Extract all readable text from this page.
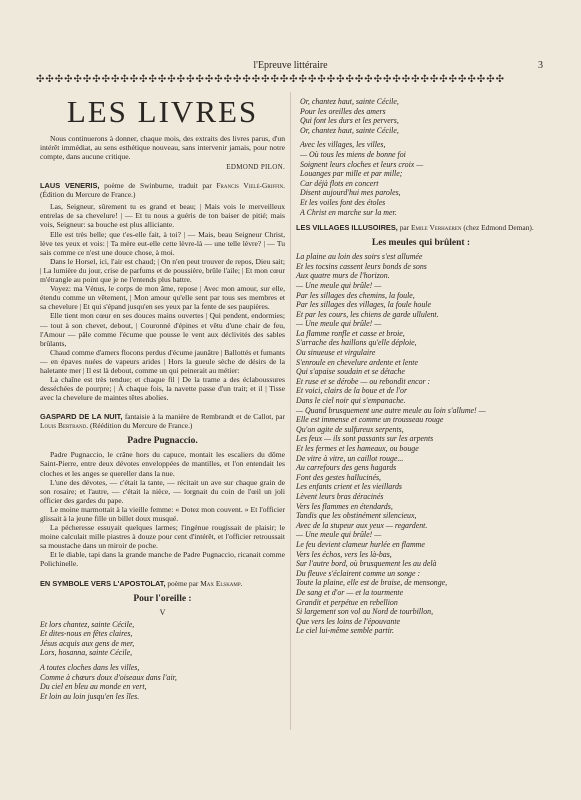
l'Epreuve littéraire	3
✣✣✣✣✣✣✣✣✣✣✣✣✣✣✣✣✣✣✣✣✣✣✣✣✣✣✣✣✣✣✣✣✣✣✣✣✣✣✣✣✣✣✣✣✣✣✣✣✣✣
LES LIVRES

Nous continuerons à donner, chaque mois, des extraits des livres parus, d'un intérêt immédiat, au sens esthétique nouveau, sans intervenir jamais, pour notre compte, dans aucune critique.

EDMOND PILON.

LAUS VENERIS, poème de Swinburne, traduit par Francis Vielé-Griffin. (Édition du Mercure de France.)

Las, Seigneur, sûrement tu es grand et beau; | Mais vois le merveilleux entrelas de sa chevelure! | — Et tu nous a guéris de ton baiser de pitié; mais vois, Seigneur: sa bouche est plus alliciante.

Elle est très belle; que t'es-elle fait, à toi? | — Mais, beau Seigneur Christ, lève tes yeux et vois: | Ta mère eut-elle cette lèvre-là — une telle lèvre? | — Tu sais comme ce n'est une douce chose, à moi.

Dans le Horsel, ici, l'air est chaud; | On n'en peut trouver de repos, Dieu sait; | La lumière du jour, crise de parfums et de poussière, brûle l'aile; | Et mon cœur m'étrangle au point que je ne l'entends plus battre.

Voyez: ma Vénus, le corps de mon âme, repose | Avec mon amour, sur elle, étendu comme un vêtement, | Mon amour qu'elle sent par tous ses membres et sa chevelure | Et qui s'épand jusqu'en ses yeux par la fente de ses paupières.

Elle tient mon cœur en ses douces mains ouvertes | Qui pendent, endormies; — tout à son chevet, debout, | Couronné d'épines et vêtu d'une chair de feu, l'Amour — pâle comme l'écume que pousse le vent aux déclivités des sables brûlants,

Chaud comme d'amers flocons perdus d'écume jaunâtre | Ballottés et fumants — en épaves nuées de vapeurs arides | Hors la gueule sèche de désirs de la haletante mer | Il est là debout, comme un qui peinerait au métier:

La chaîne est très tendue; et chaque fil | De la trame a des éclaboussures desséchées de pourpre; | À chaque fois, la navette passe d'un trait; et il | Tisse avec la chevelure de maintes têtes abolies.

GASPARD DE LA NUIT, fantaisie à la manière de Rembrandt et de Callot, par Louis Bertrand. (Réédition du Mercure de France.)

Padre Pugnaccio.

Padre Pugnaccio, le crâne hors du capuce, montait les escaliers du dôme Saint-Pierre, entre deux dévotes enveloppées de mantilles, et l'on entendait les cloches et les anges se quereller dans la nue.

L'une des dévotes, — c'était la tante, — récitait un ave sur chaque grain de son rosaire; et l'autre, — c'était la nièce, — lorgnait du coin de l'œil un joli officier des gardes du pape.

Le moine marmottait à la vieille femme: « Dotez mon couvent. » Et l'officier glissait à la jeune fille un billet doux musqué.

La pécheresse essuyait quelques larmes; l'ingénue rougissait de plaisir; le moine calculait mille piastres à douze pour cent d'intérêt, et l'officier retroussait sa moustache dans un miroir de poche.

Et le diable, tapi dans la grande manche de Padre Pugnaccio, ricanait comme Polichinelle.

EN SYMBOLE VERS L'APOSTOLAT, poème par Max Elskamp.

Pour l'oreille :
V
Et lors chantez, sainte Cécile,
Et dites-nous en fêtes claires,
Jésus acquis aux gens de mer,
Lors, hosanna, sainte Cécile,
A toutes cloches dans les villes,
Comme à chœurs doux d'oiseaux dans l'air,
Du ciel en bleu au monde en vert,
Et loin au loin jusqu'en les îles.
Or, chantez haut, sainte Cécile,
Pour les oreilles des amers
Qui font les durs et les pervers,
Or, chantez haut, sainte Cécile,
Avec les villages, les villes,
— Où tous les miens de bonne foi
Soignent leurs cloches et leurs croix —
Louanges par mille et par mille;
Car déjà flots en concert
Disent aujourd'hui mes paroles,
Et les voiles font des étoles
A Christ en marche sur la mer.

LES VILLAGES ILLUSOIRES, par Emile Verhaeren (chez Edmond Deman).

Les meules qui brûlent :
La plaine au loin des soirs s'est allumée
Et les tocsins cassent leurs bonds de sons
Aux quatre murs de l'horizon.
— Une meule qui brûle! —
Par les sillages des chemins, la foule,
Par les sillages des villages, la foule houle
Et par les cours, les chiens de garde ullulent.
— Une meule qui brûle! —
La flamme ronfle et casse et broie,
S'arrache des haillons qu'elle déploie,
Ou sinueuse et virgulaire
S'enroule en chevelure ardente et lente
Qui s'apaise soudain et se détache
Et ruse et se dérobe — ou rebondit encor :
Et voici, clairs de la boue et de l'or
Dans le ciel noir qui s'empanache.
— Quand brusquement une autre meule au loin s'allume! —
Elle est immense et comme un trousseau rouge
Qu'on agite de sulfureux serpents,
Les feux — ils sont passants sur les arpents
Et les fermes et les hameaux, ou bouge
De vitre à vitre, un caillot rouge...
Au carrefours des gens hagards
Font des gestes hallucinés,
Les enfants crient et les vieillards
Lèvent leurs bras déracinés
Vers les flammes en étendards,
Tandis que les obstinément silencieux,
Avec de la stupeur aux yeux — regardent.
— Une meule qui brûle! —
Le feu devient clameur hurlée en flamme
Vers les échos, vers les là-bas,
Sur l'autre bord, où brusquement les au delà
Du fleuve s'éclairent comme un songe :
Toute la plaine, elle est de braise, de mensonge,
De sang et d'or — et la tourmente
Grandit et perpétue en rebellion
Si largement son vol au Nord de tourbillon,
Que vers les loins de l'épouvante
Le ciel lui-même semble partir.
